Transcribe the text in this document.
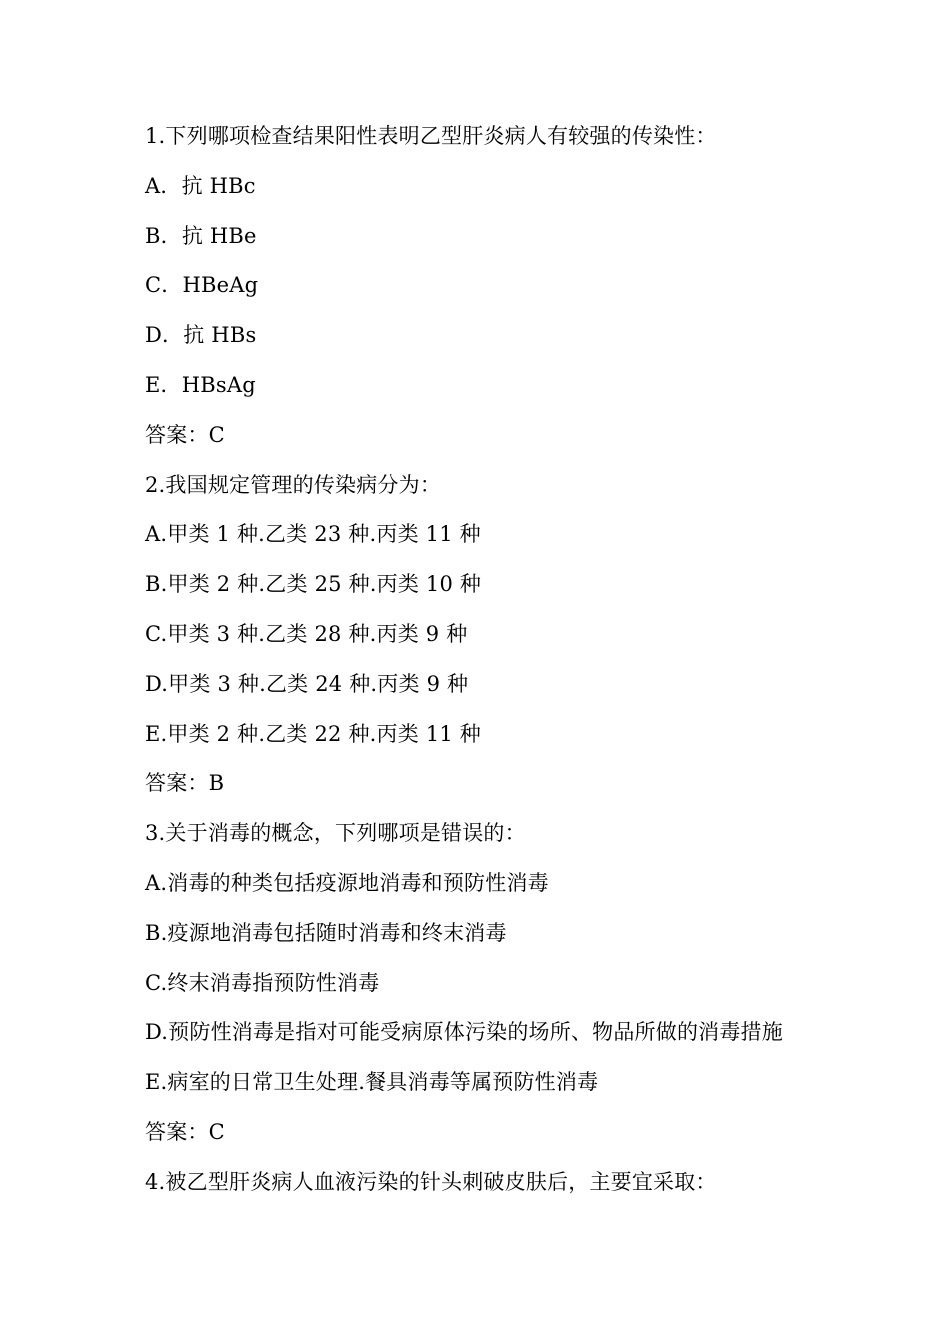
1.下列哪项检查结果阳性表明乙型肝炎病人有较强的传染性：
A．抗 HBc
B．抗 HBe
C．HBeAg
D．抗 HBs
E．HBsAg
答案：C
2.我国规定管理的传染病分为：
A.甲类 1 种.乙类 23 种.丙类 11 种
B.甲类 2 种.乙类 25 种.丙类 10 种
C.甲类 3 种.乙类 28 种.丙类 9 种
D.甲类 3 种.乙类 24 种.丙类 9 种
E.甲类 2 种.乙类 22 种.丙类 11 种
答案：B
3.关于消毒的概念，下列哪项是错误的：
A.消毒的种类包括疫源地消毒和预防性消毒
B.疫源地消毒包括随时消毒和终末消毒
C.终末消毒指预防性消毒
D.预防性消毒是指对可能受病原体污染的场所、物品所做的消毒措施
E.病室的日常卫生处理.餐具消毒等属预防性消毒
答案：C
4.被乙型肝炎病人血液污染的针头刺破皮肤后，主要宜采取：
